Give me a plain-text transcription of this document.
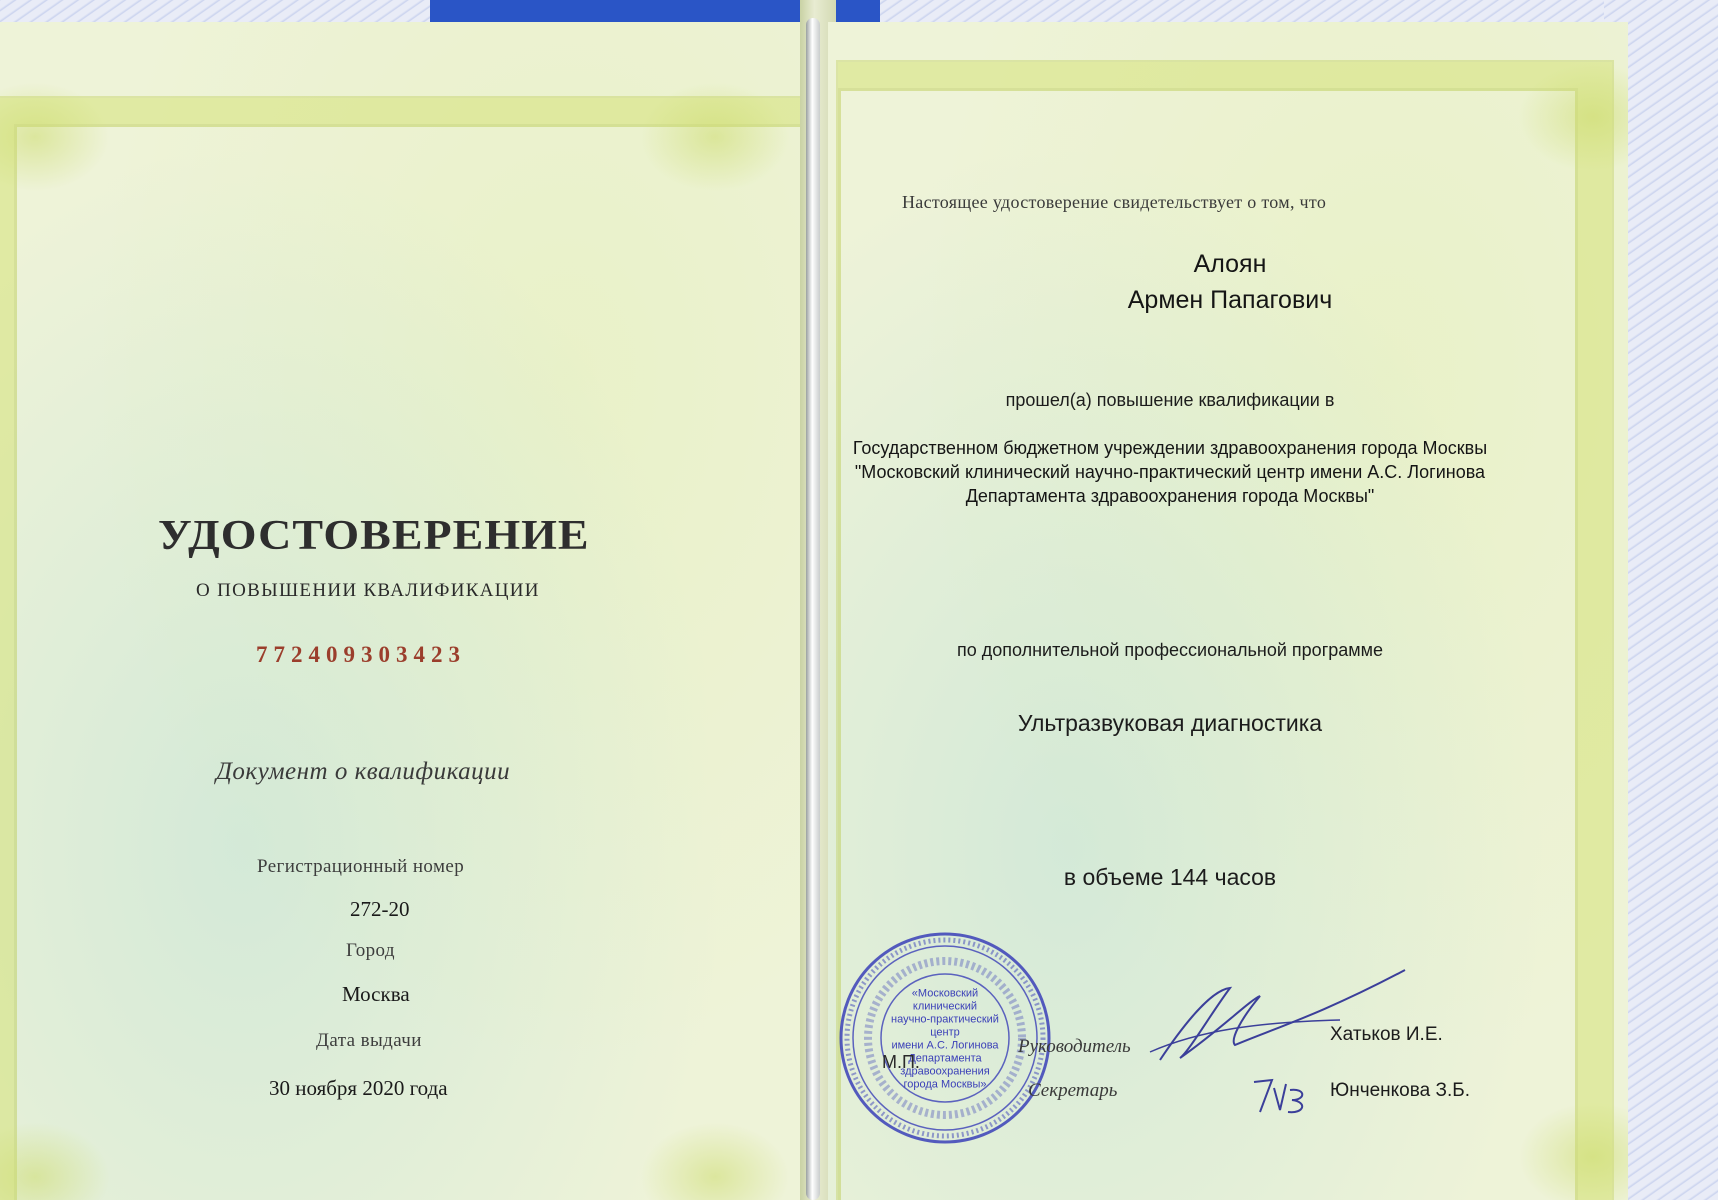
УДОСТОВЕРЕНИЕ
О ПОВЫШЕНИИ КВАЛИФИКАЦИИ
772409303423
Документ о квалификации
Регистрационный номер
272-20
Город
Москва
Дата выдачи
30 ноября 2020 года
Настоящее удостоверение свидетельствует о том, что
Алоян
Армен Папагович
прошел(а) повышение квалификации в
Государственном бюджетном учреждении здравоохранения города Москвы
"Московский клинический научно-практический центр имени А.С. Логинова
Департамента здравоохранения города Москвы"
по дополнительной профессиональной программе
Ультразвуковая диагностика
в объеме 144 часов
«Московский
клинический
научно-практический
центр
имени А.С. Логинова
Департамента
здравоохранения
города Москвы»
М.П.
Руководитель
Секретарь
Хатьков И.Е.
Юнченкова З.Б.
